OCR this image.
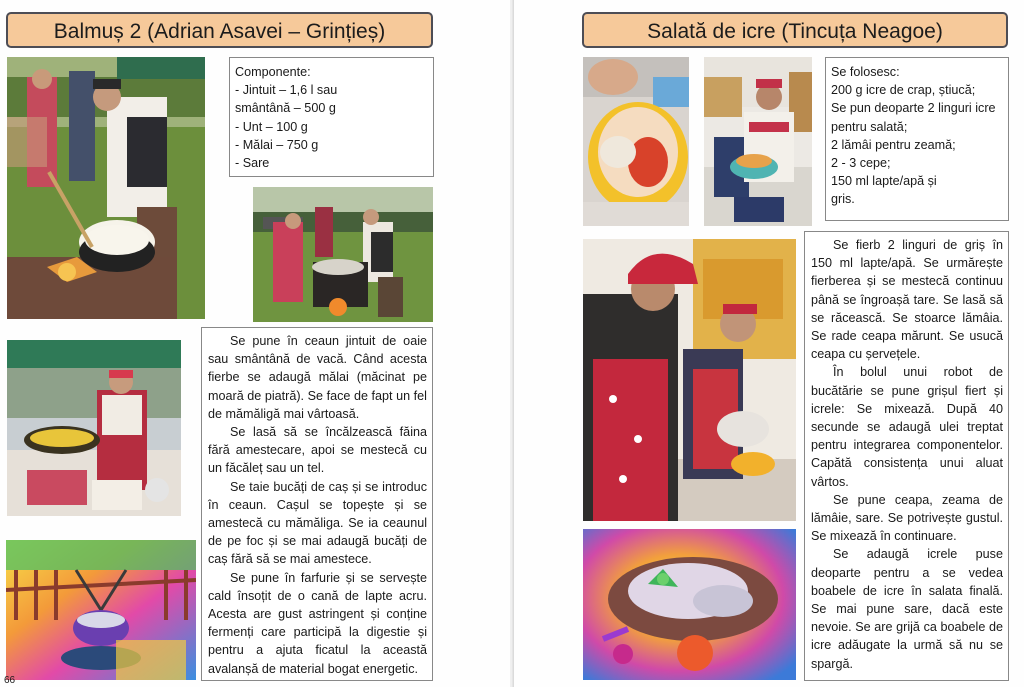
Balmuș 2 (Adrian Asavei – Grințieș)
Componente:
- Jintuit – 1,6 l sau
smântână – 500 g
- Unt – 100 g
- Mălai – 750 g
- Sare

Se pune în ceaun jintuit de oaie sau smântână de vacă. Când acesta fierbe se adaugă mălai (măcinat pe moară de piatră). Se face de fapt un fel de mămăligă mai vârtoasă.

Se lasă să se încălzească făina fără amestecare, apoi se mestecă cu un făcăleț sau un tel.

Se taie bucăți de caș și se introduc în ceaun. Cașul se topește și se amestecă cu mămăliga. Se ia ceaunul de pe foc și se mai adaugă bucăți de caș fără să se mai amestece.

Se pune în farfurie și se servește cald însoțit de o cană de lapte acru. Acesta are gust astringent și conține fermenți care participă la digestie și pentru a ajuta ficatul la această avalanșă de material bogat energetic.

66
Salată de icre (Tincuța Neagoe)
Se folosesc:
200 g icre de crap, știucă;
Se pun deoparte 2 linguri icre
pentru salată;
2 lămâi pentru zeamă;
2 - 3 cepe;
150 ml lapte/apă și
gris.

Se fierb 2 linguri de griș în 150 ml lapte/apă. Se urmărește fierberea și se mestecă continuu până se îngroașă tare. Se lasă să se răcească. Se stoarce lămâia. Se rade ceapa mărunt. Se usucă ceapa cu șervețele.

În bolul unui robot de bucătărie se pune grișul fiert și icrele: Se mixează. După 40 secunde se adaugă ulei treptat pentru integrarea componentelor. Capătă consistența unui aluat vârtos.

Se pune ceapa, zeama de lămâie, sare. Se potrivește gustul. Se mixează în continuare.

Se adaugă icrele puse deoparte pentru a se vedea boabele de icre în salata finală. Se mai pune sare, dacă este nevoie. Se are grijă ca boabele de icre adăugate la urmă să nu se spargă.
